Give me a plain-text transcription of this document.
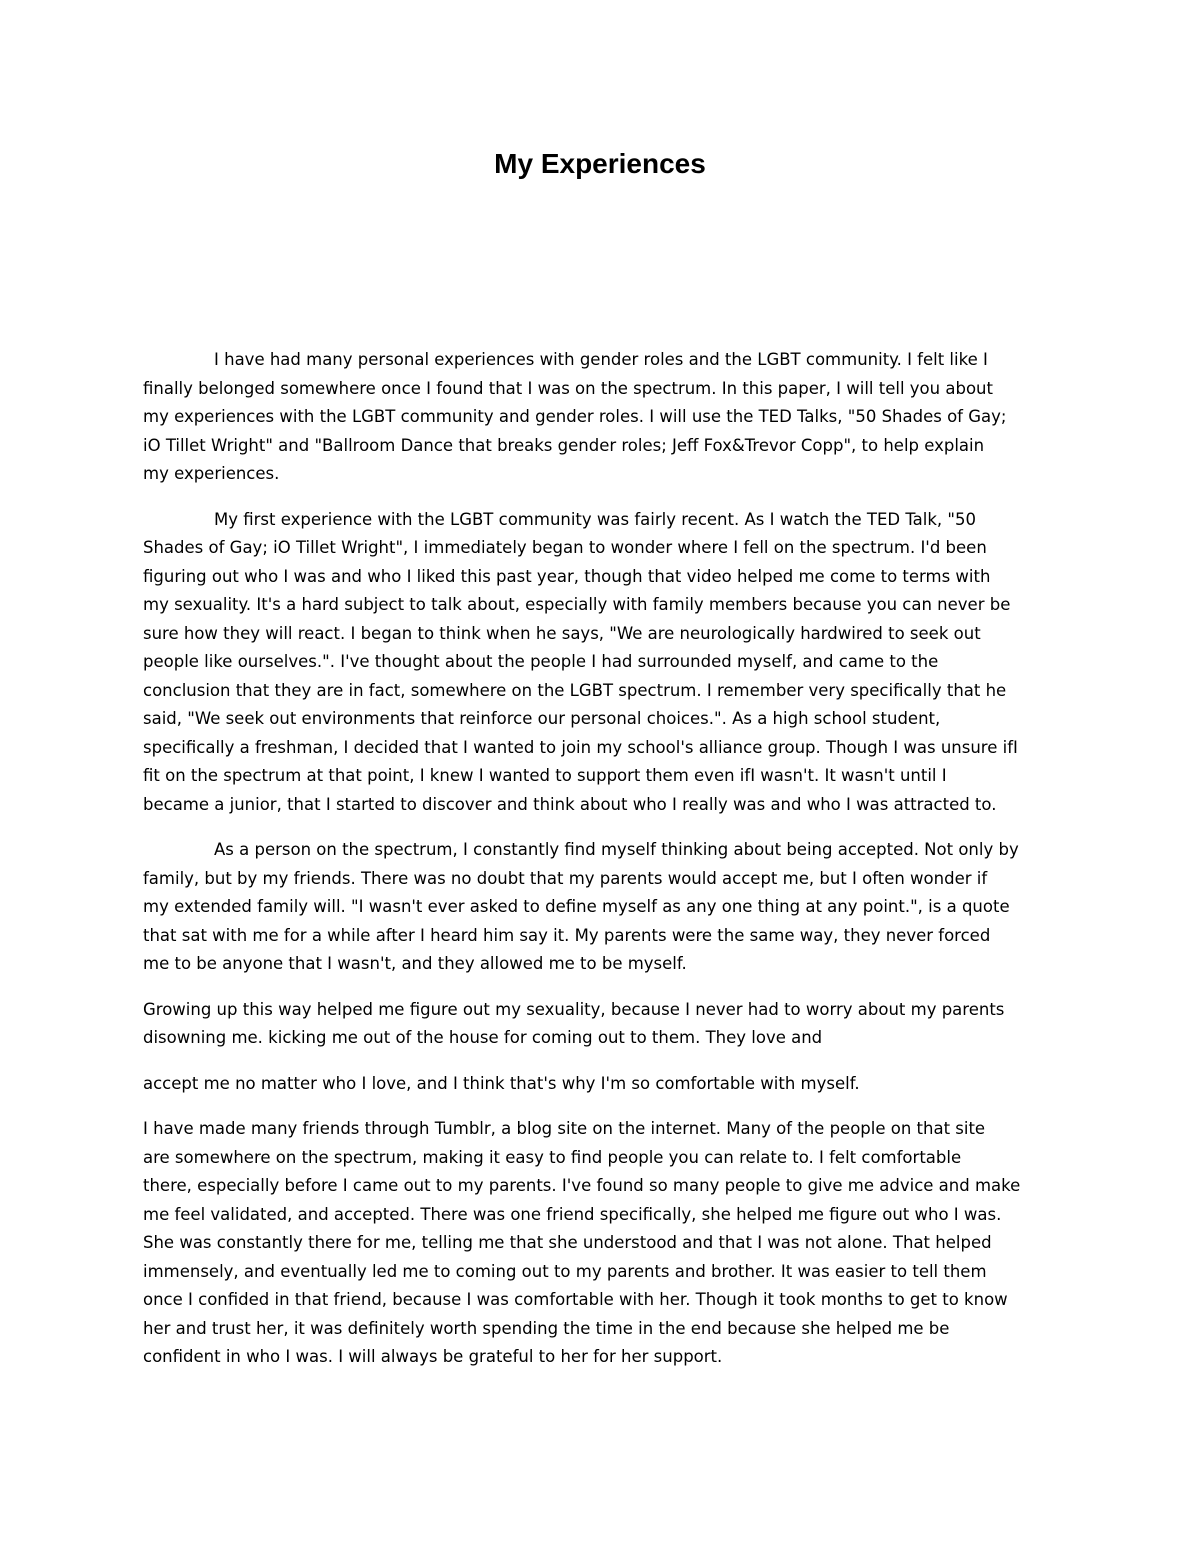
My Experiences

I have had many personal experiences with gender roles and the LGBT community. I felt like I
finally belonged somewhere once I found that I was on the spectrum. In this paper, I will tell you about
my experiences with the LGBT community and gender roles. I will use the TED Talks, "50 Shades of Gay;
iO Tillet Wright" and "Ballroom Dance that breaks gender roles; Jeff Fox&Trevor Copp", to help explain
my experiences.

My first experience with the LGBT community was fairly recent. As I watch the TED Talk, "50
Shades of Gay; iO Tillet Wright", I immediately began to wonder where I fell on the spectrum. I'd been
figuring out who I was and who I liked this past year, though that video helped me come to terms with
my sexuality. It's a hard subject to talk about, especially with family members because you can never be
sure how they will react. I began to think when he says, "We are neurologically hardwired to seek out
people like ourselves.". I've thought about the people I had surrounded myself, and came to the
conclusion that they are in fact, somewhere on the LGBT spectrum. I remember very specifically that he
said, "We seek out environments that reinforce our personal choices.". As a high school student,
specifically a freshman, I decided that I wanted to join my school's alliance group. Though I was unsure ifI
fit on the spectrum at that point, I knew I wanted to support them even ifI wasn't. It wasn't until I
became a junior, that I started to discover and think about who I really was and who I was attracted to.

As a person on the spectrum, I constantly find myself thinking about being accepted. Not only by
family, but by my friends. There was no doubt that my parents would accept me, but I often wonder if
my extended family will. "I wasn't ever asked to define myself as any one thing at any point.", is a quote
that sat with me for a while after I heard him say it. My parents were the same way, they never forced
me to be anyone that I wasn't, and they allowed me to be myself.

Growing up this way helped me figure out my sexuality, because I never had to worry about my parents
disowning me. kicking me out of the house for coming out to them. They love and

accept me no matter who I love, and I think that's why I'm so comfortable with myself.

I have made many friends through Tumblr, a blog site on the internet. Many of the people on that site
are somewhere on the spectrum, making it easy to find people you can relate to. I felt comfortable
there, especially before I came out to my parents. I've found so many people to give me advice and make
me feel validated, and accepted. There was one friend specifically, she helped me figure out who I was.
She was constantly there for me, telling me that she understood and that I was not alone. That helped
immensely, and eventually led me to coming out to my parents and brother. It was easier to tell them
once I confided in that friend, because I was comfortable with her. Though it took months to get to know
her and trust her, it was definitely worth spending the time in the end because she helped me be
confident in who I was. I will always be grateful to her for her support.
